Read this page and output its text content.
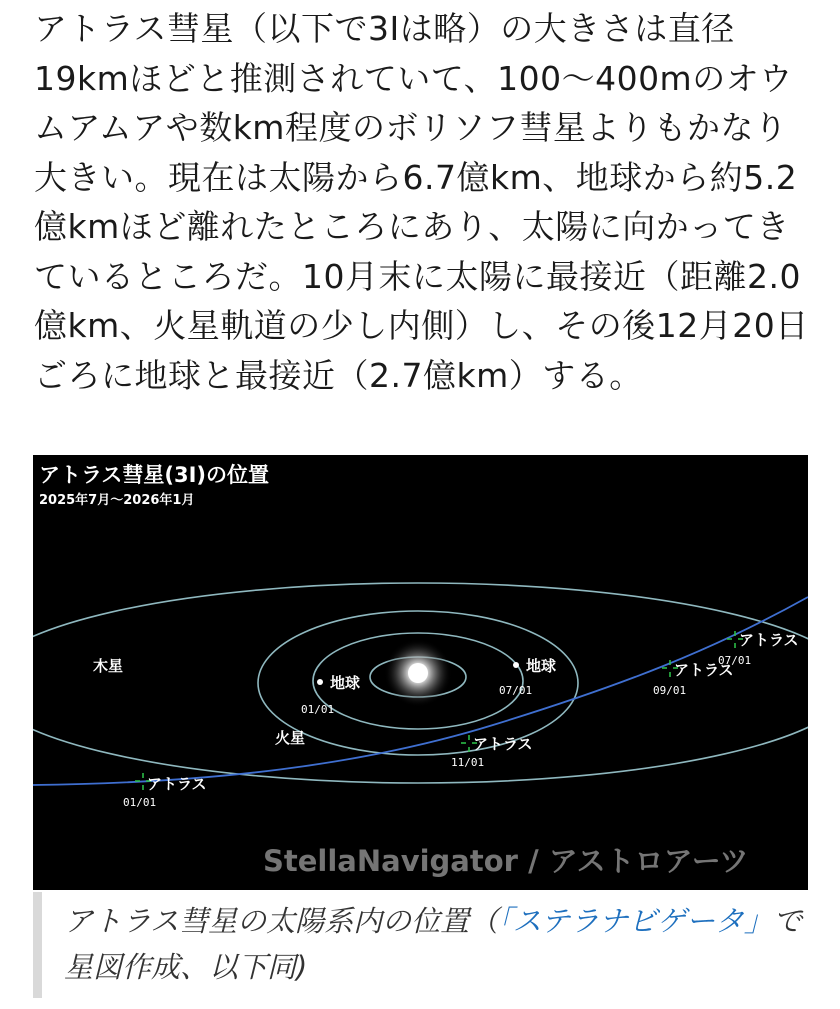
アトラス彗星（以下で3Iは略）の大きさは直径19kmほどと推測されていて、100〜400mのオウムアムアや数km程度のボリソフ彗星よりもかなり大きい。現在は太陽から6.7億km、地球から約5.2億kmほど離れたところにあり、太陽に向かってきているところだ。10月末に太陽に最接近（距離2.0億km、火星軌道の少し内側）し、その後12月20日ごろに地球と最接近（2.7億km）する。

アトラス彗星(3I)の位置
2025年7月～2026年1月
木星
火星
地球
01/01
地球
07/01
アトラス
07/01
アトラス
09/01
アトラス
11/01
アトラス
01/01
StellaNavigator / アストロアーツ

アトラス彗星の太陽系内の位置（「ステラナビゲータ」で星図作成、以下同)
